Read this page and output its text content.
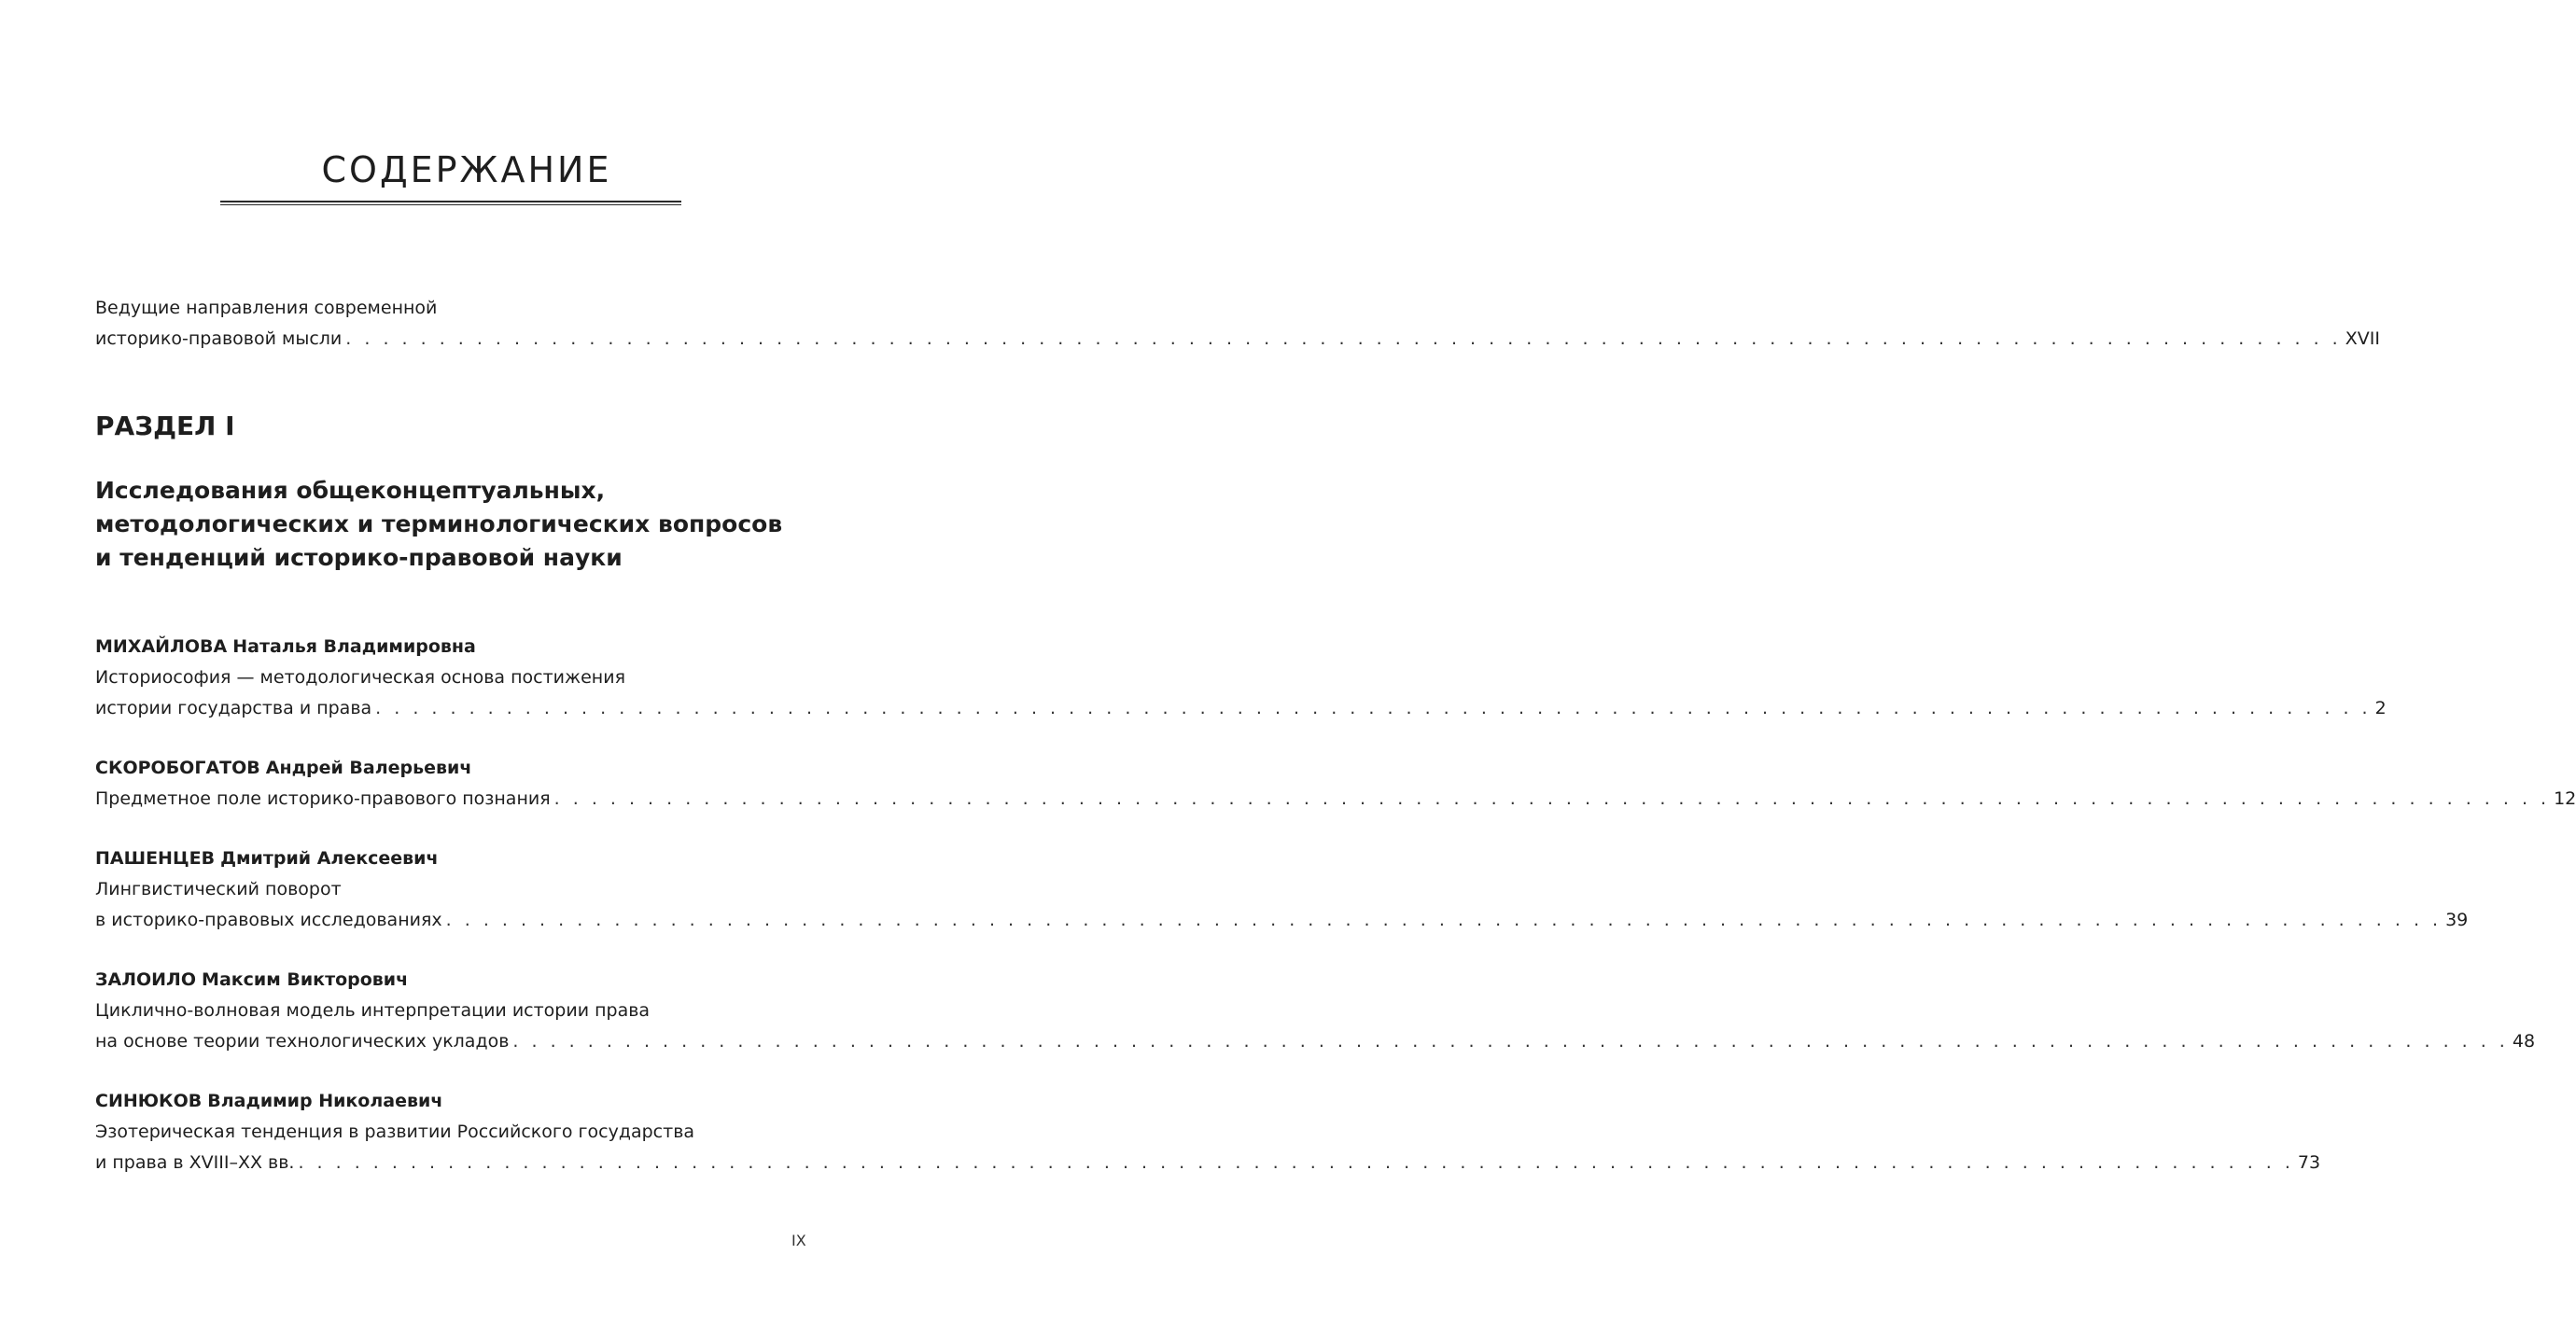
СОДЕРЖАНИЕ
Ведущие направления современной
историко-правовой мысли . . . . . . . . . . . . . . . . . . . . . . . . . . . . . . . . . . . . . . . . . . . . . . . . . . . . . . . . . . . . . . . . . . . . . . . . . . . . . . . . . . . . . . . . . . . . . . . . . . . . . . . . . . . XVII
РАЗДЕЛ I
Исследования общеконцептуальных,
методологических и терминологических вопросов
и тенденций историко-правовой науки
МИХАЙЛОВА Наталья Владимировна
Историософия — методологическая основа постижения
истории государства и права . . . . . . . . . . . . . . . . . . . . . . . . . . . . . . . . . . . . . . . . . . . . . . . . . . . . . . . . . . . . . . . . . . . . . . . . . . . . . . . . . . . . . . . . . . . . . . . . . . . . . . . . . . . 2
СКОРОБОГАТОВ Андрей Валерьевич
Предметное поле историко-правового познания . . . . . . . . . . . . . . . . . . . . . . . . . . . . . . . . . . . . . . . . . . . . . . . . . . . . . . . . . . . . . . . . . . . . . . . . . . . . . . . . . . . . . . . . . . . . . . . . . . . . . . . . . . . 12
ПАШЕНЦЕВ Дмитрий Алексеевич
Лингвистический поворот
в историко-правовых исследованиях . . . . . . . . . . . . . . . . . . . . . . . . . . . . . . . . . . . . . . . . . . . . . . . . . . . . . . . . . . . . . . . . . . . . . . . . . . . . . . . . . . . . . . . . . . . . . . . . . . . . . . . . . . . 39
ЗАЛОИЛО Максим Викторович
Циклично-волновая модель интерпретации истории права
на основе теории технологических укладов . . . . . . . . . . . . . . . . . . . . . . . . . . . . . . . . . . . . . . . . . . . . . . . . . . . . . . . . . . . . . . . . . . . . . . . . . . . . . . . . . . . . . . . . . . . . . . . . . . . . . . . . . . . 48
СИНЮКОВ Владимир Николаевич
Эзотерическая тенденция в развитии Российского государства
и права в XVIII–XX вв. . . . . . . . . . . . . . . . . . . . . . . . . . . . . . . . . . . . . . . . . . . . . . . . . . . . . . . . . . . . . . . . . . . . . . . . . . . . . . . . . . . . . . . . . . . . . . . . . . . . . . . . . . . . 73
IX
